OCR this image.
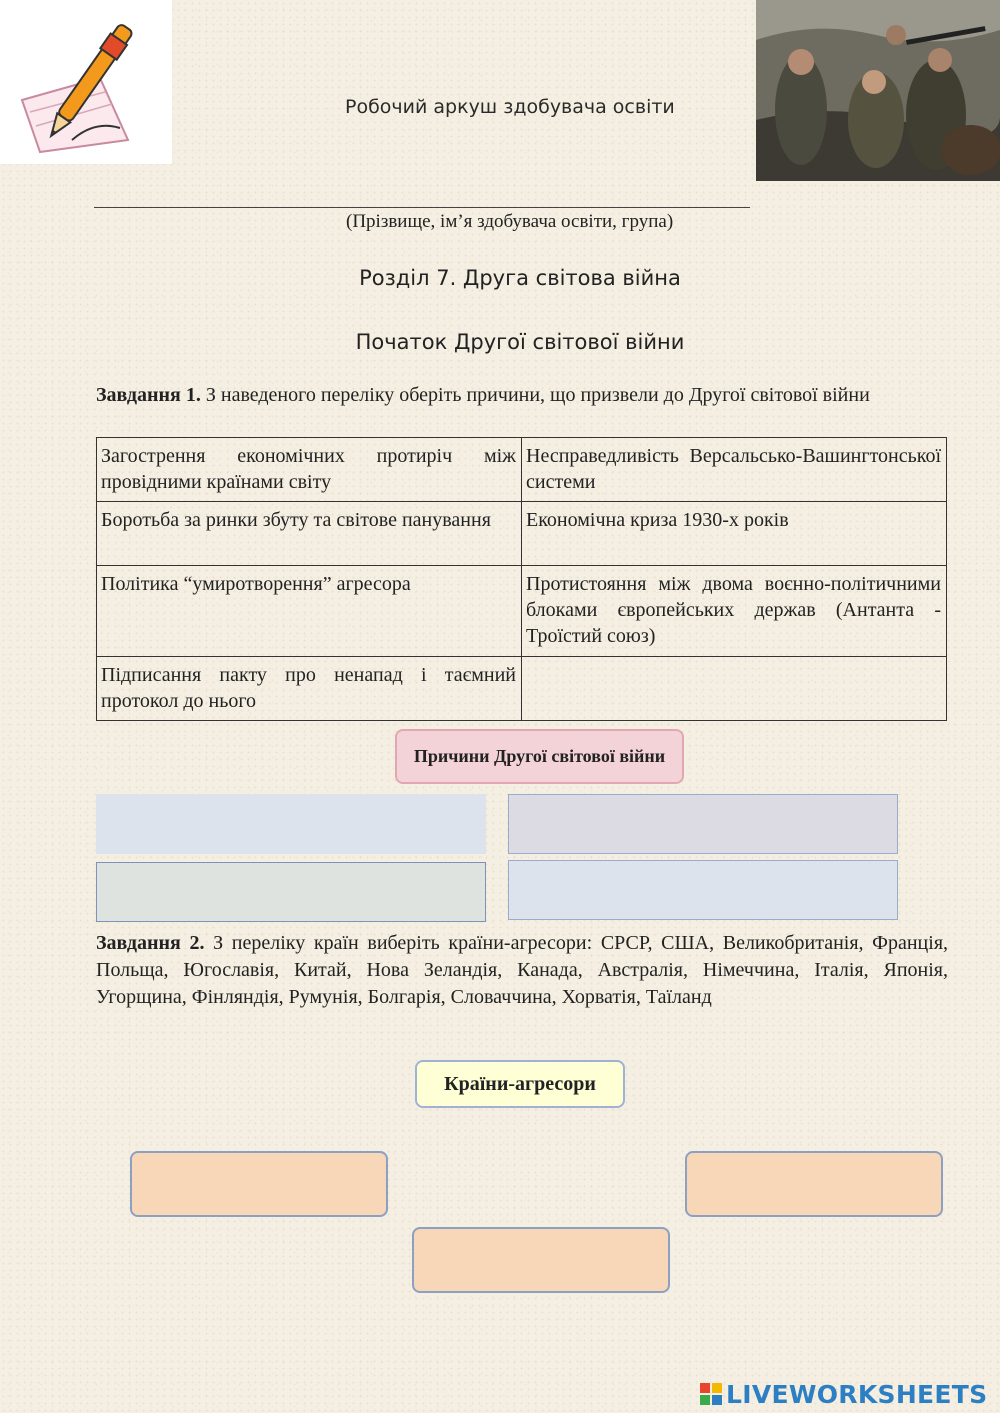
Робочий аркуш здобувача освіти
(Прізвище, ім’я здобувача освіти, група)
Розділ 7. Друга світова війна
Початок Другої світової війни
Завдання 1. З наведеного переліку оберіть причини, що призвели до Другої світової війни
Загострення економічних протиріч між провідними країнами світу	Несправедливість Версальсько-Вашингтонської системи
Боротьба за ринки збуту та світове панування	Економічна криза 1930-х років
Політика “умиротворення” агресора	Протистояння між двома воєнно-політичними блоками європейських держав (Антанта - Троїстий союз)
Підписання пакту про ненапад і таємний протокол до нього	
Причини Другої світової війни
Завдання 2. З переліку країн виберіть країни-агресори: СРСР, США, Великобританія, Франція, Польща, Югославія, Китай, Нова Зеландія, Канада, Австралія, Німеччина, Італія, Японія, Угорщина, Фінляндія, Румунія, Болгарія, Словаччина, Хорватія, Таїланд
Країни-агресори
LIVEWORKSHEETS
